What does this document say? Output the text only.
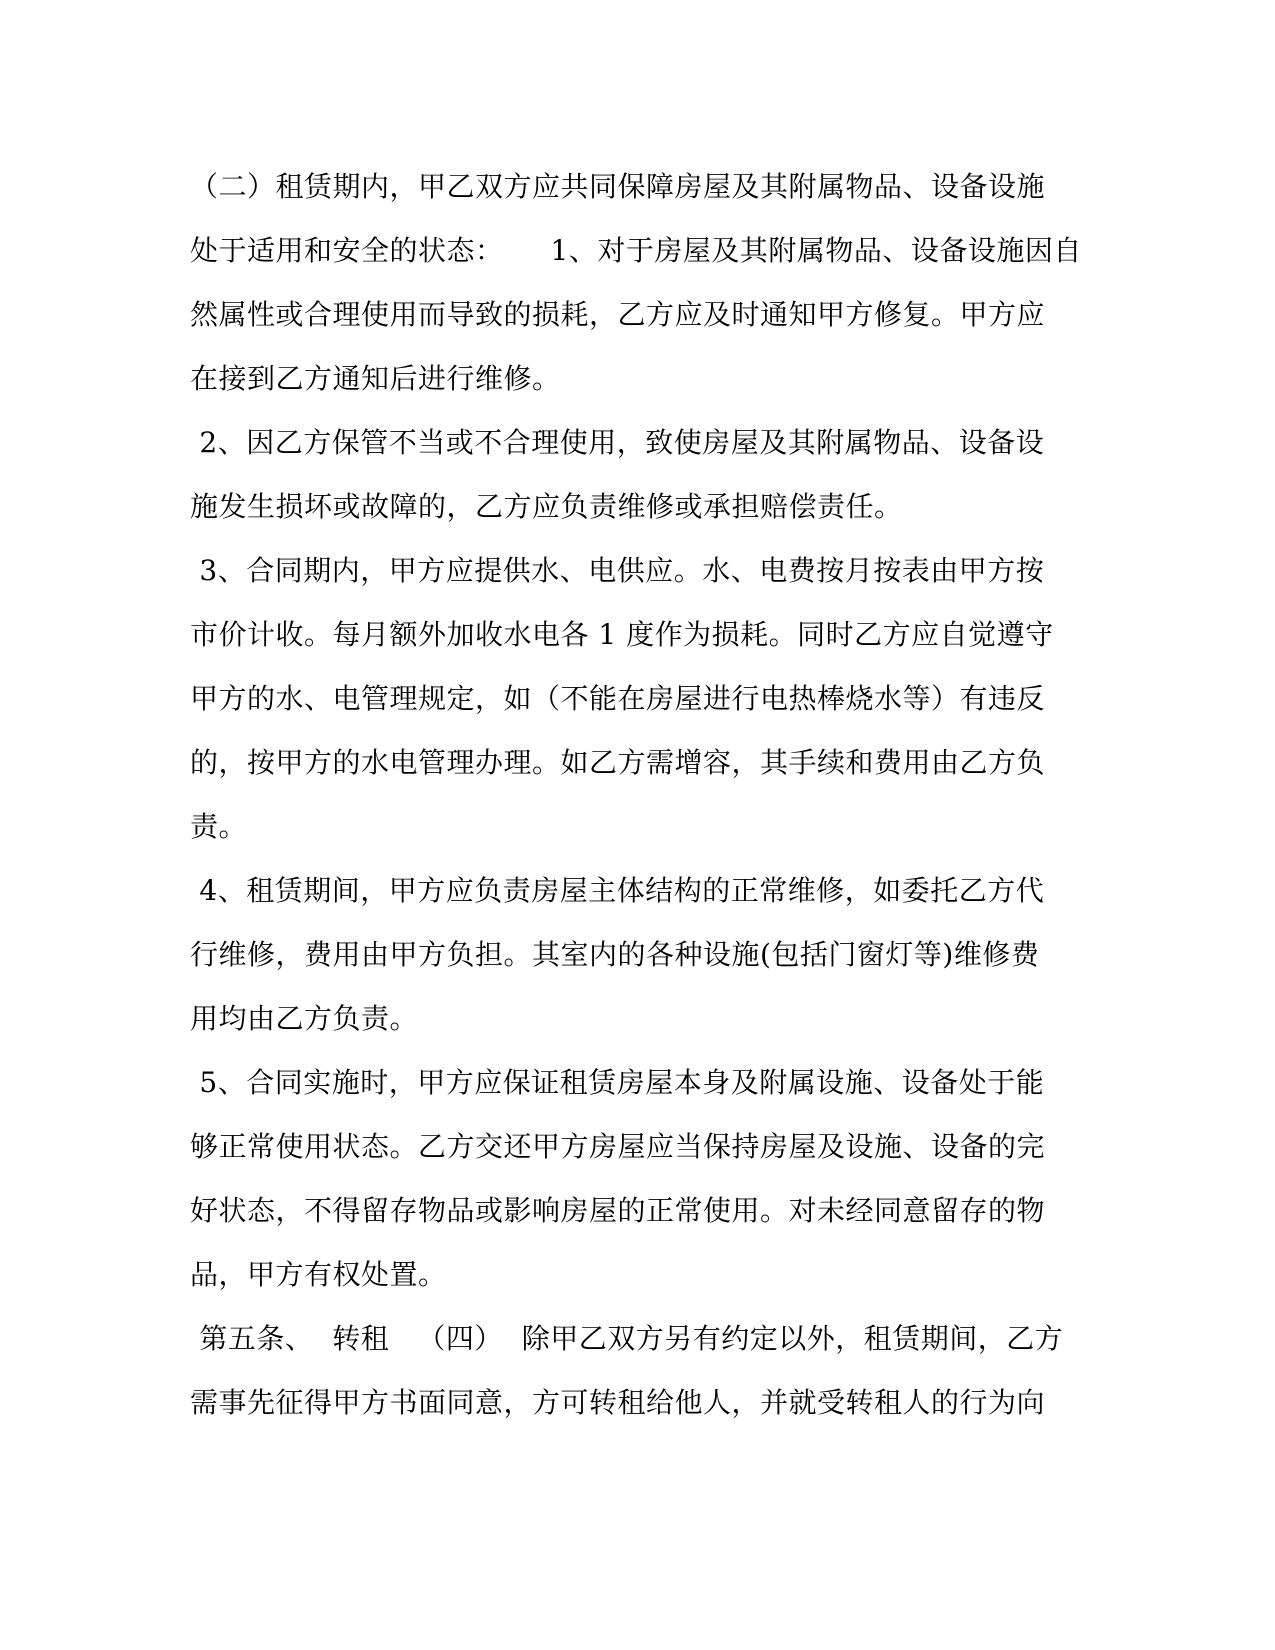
（二）租赁期内，甲乙双方应共同保障房屋及其附属物品、设备设施
处于适用和安全的状态：     1、对于房屋及其附属物品、设备设施因自
然属性或合理使用而导致的损耗，乙方应及时通知甲方修复。甲方应
在接到乙方通知后进行维修。
2、因乙方保管不当或不合理使用，致使房屋及其附属物品、设备设
施发生损坏或故障的，乙方应负责维修或承担赔偿责任。
3、合同期内，甲方应提供水、电供应。水、电费按月按表由甲方按
市价计收。每月额外加收水电各 1 度作为损耗。同时乙方应自觉遵守
甲方的水、电管理规定，如（不能在房屋进行电热棒烧水等）有违反
的，按甲方的水电管理办理。如乙方需增容，其手续和费用由乙方负
责。
4、租赁期间，甲方应负责房屋主体结构的正常维修，如委托乙方代
行维修，费用由甲方负担。其室内的各种设施(包括门窗灯等)维修费
用均由乙方负责。
5、合同实施时，甲方应保证租赁房屋本身及附属设施、设备处于能
够正常使用状态。乙方交还甲方房屋应当保持房屋及设施、设备的完
好状态，不得留存物品或影响房屋的正常使用。对未经同意留存的物
品，甲方有权处置。
第五条、  转租   （四）  除甲乙双方另有约定以外，租赁期间，乙方
需事先征得甲方书面同意，方可转租给他人，并就受转租人的行为向
